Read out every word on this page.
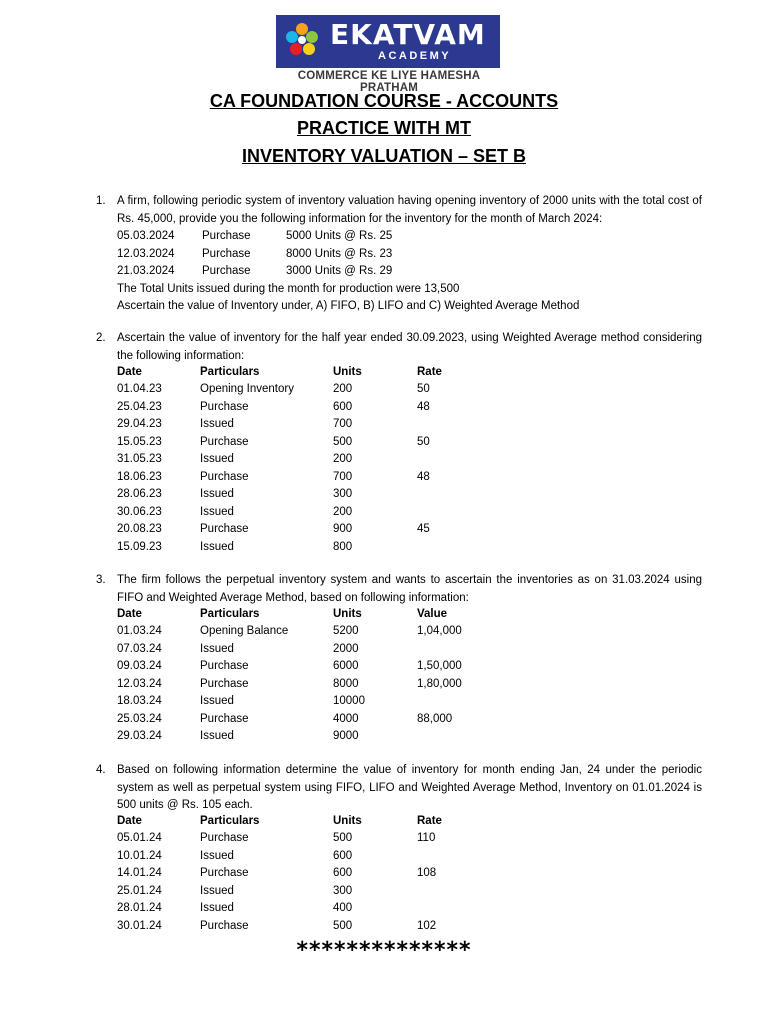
EKATVAM
ACADEMY
COMMERCE KE LIYE HAMESHA PRATHAM
CA FOUNDATION COURSE - ACCOUNTS
PRACTICE WITH MT
INVENTORY VALUATION – SET B
1. A firm, following periodic system of inventory valuation having opening inventory of 2000 units with the total cost of Rs. 45,000, provide you the following information for the inventory for the month of March 2024:
05.03.2024 Purchase	5000 Units @ Rs. 25
12.03.2024 Purchase	8000 Units @ Rs. 23
21.03.2024 Purchase	3000 Units @ Rs. 29
The Total Units issued during the month for production were 13,500
Ascertain the value of Inventory under, A) FIFO, B) LIFO and C) Weighted Average Method
2. Ascertain the value of inventory for the half year ended 30.09.2023, using Weighted Average method considering the following information:
Date	Particulars	Units	Rate
01.04.23	Opening Inventory	200	50
25.04.23	Purchase	600	48
29.04.23	Issued	700
15.05.23	Purchase	500	50
31.05.23	Issued	200
18.06.23	Purchase	700	48
28.06.23	Issued	300
30.06.23	Issued	200
20.08.23	Purchase	900	45
15.09.23	Issued	800
3. The firm follows the perpetual inventory system and wants to ascertain the inventories as on 31.03.2024 using FIFO and Weighted Average Method, based on following information:
Date	Particulars	Units	Value
01.03.24	Opening Balance	5200	1,04,000
07.03.24	Issued	2000
09.03.24	Purchase	6000	1,50,000
12.03.24	Purchase	8000	1,80,000
18.03.24	Issued	10000
25.03.24	Purchase	4000	88,000
29.03.24	Issued	9000
4. Based on following information determine the value of inventory for month ending Jan, 24 under the periodic system as well as perpetual system using FIFO, LIFO and Weighted Average Method, Inventory on 01.01.2024 is 500 units @ Rs. 105 each.
Date	Particulars	Units	Rate
05.01.24	Purchase	500	110
10.01.24	Issued	600
14.01.24	Purchase	600	108
25.01.24	Issued	300
28.01.24	Issued	400
30.01.24	Purchase	500	102
**************
